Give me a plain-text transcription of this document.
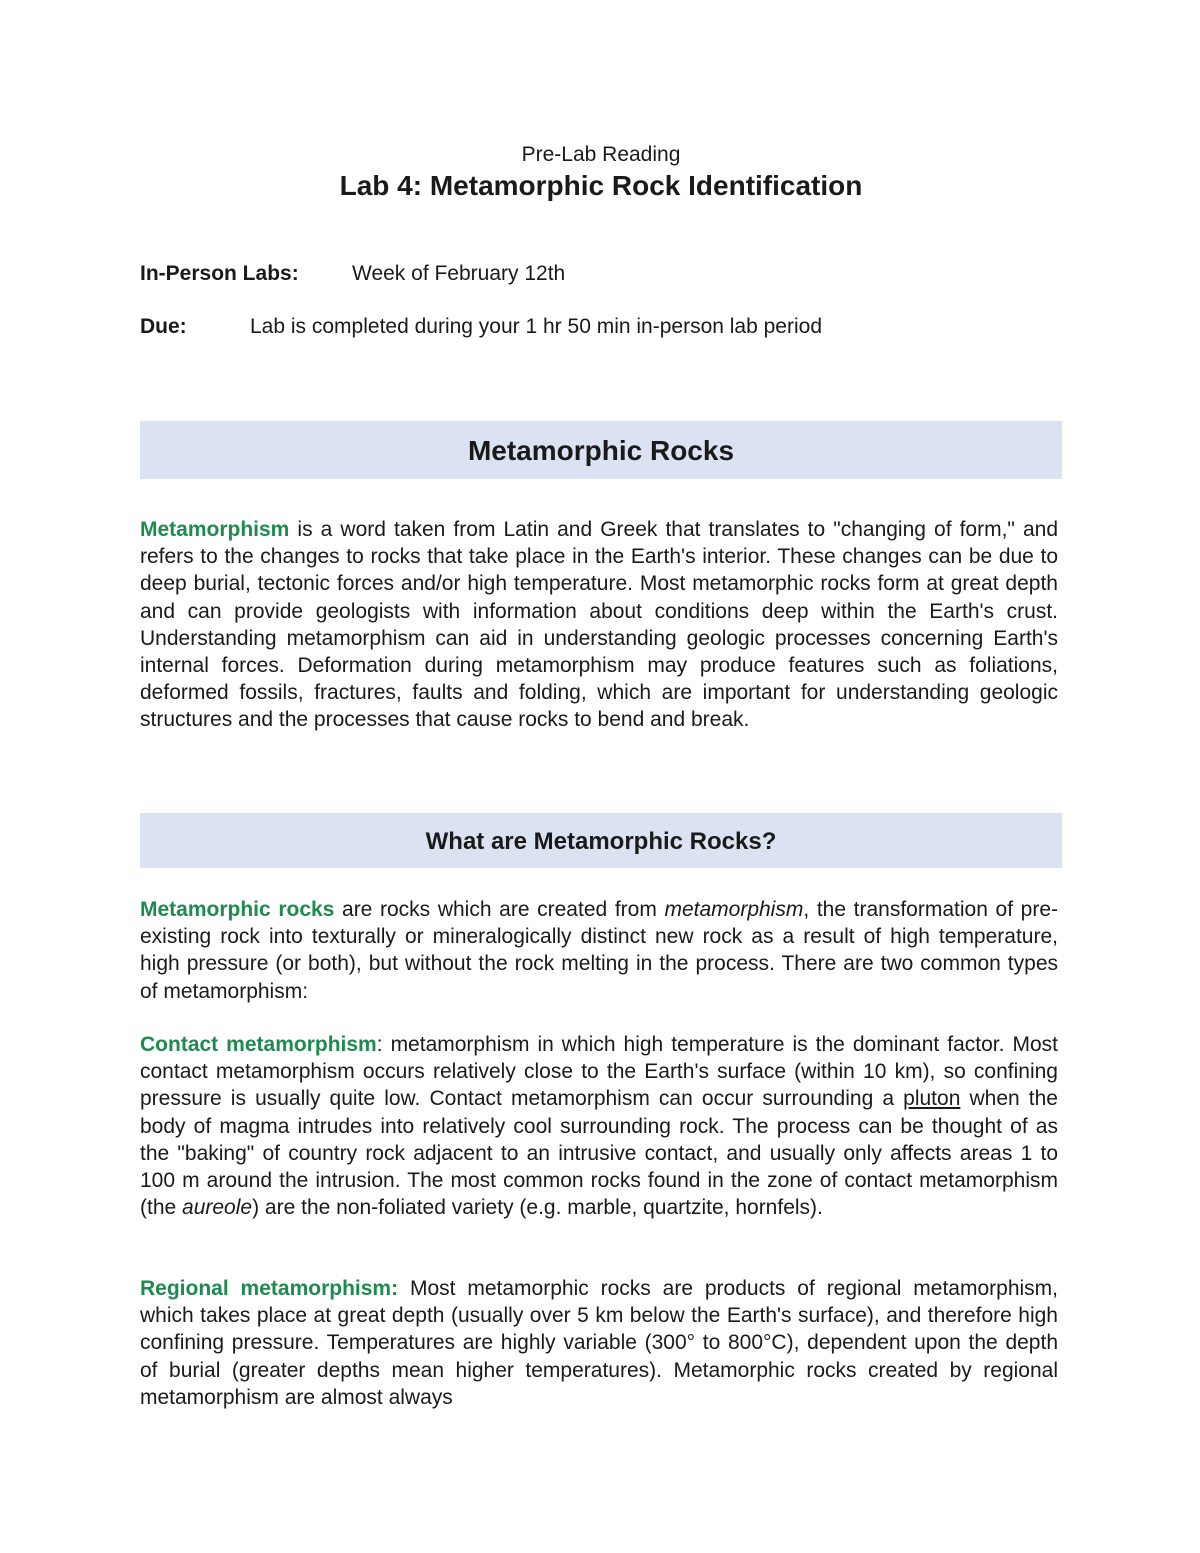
Pre-Lab Reading
Lab 4: Metamorphic Rock Identification
In-Person Labs:	Week of February 12th
Due:	Lab is completed during your 1 hr 50 min in-person lab period
Metamorphic Rocks
Metamorphism is a word taken from Latin and Greek that translates to "changing of form," and refers to the changes to rocks that take place in the Earth's interior. These changes can be due to deep burial, tectonic forces and/or high temperature. Most metamorphic rocks form at great depth and can provide geologists with information about conditions deep within the Earth's crust. Understanding metamorphism can aid in understanding geologic processes concerning Earth's internal forces. Deformation during metamorphism may produce features such as foliations, deformed fossils, fractures, faults and folding, which are important for understanding geologic structures and the processes that cause rocks to bend and break.
What are Metamorphic Rocks?
Metamorphic rocks are rocks which are created from metamorphism, the transformation of pre-existing rock into texturally or mineralogically distinct new rock as a result of high temperature, high pressure (or both), but without the rock melting in the process. There are two common types of metamorphism:
Contact metamorphism: metamorphism in which high temperature is the dominant factor. Most contact metamorphism occurs relatively close to the Earth's surface (within 10 km), so confining pressure is usually quite low. Contact metamorphism can occur surrounding a pluton when the body of magma intrudes into relatively cool surrounding rock. The process can be thought of as the "baking" of country rock adjacent to an intrusive contact, and usually only affects areas 1 to 100 m around the intrusion. The most common rocks found in the zone of contact metamorphism (the aureole) are the non-foliated variety (e.g. marble, quartzite, hornfels).
Regional metamorphism: Most metamorphic rocks are products of regional metamorphism, which takes place at great depth (usually over 5 km below the Earth's surface), and therefore high confining pressure. Temperatures are highly variable (300° to 800°C), dependent upon the depth of burial (greater depths mean higher temperatures). Metamorphic rocks created by regional metamorphism are almost always
